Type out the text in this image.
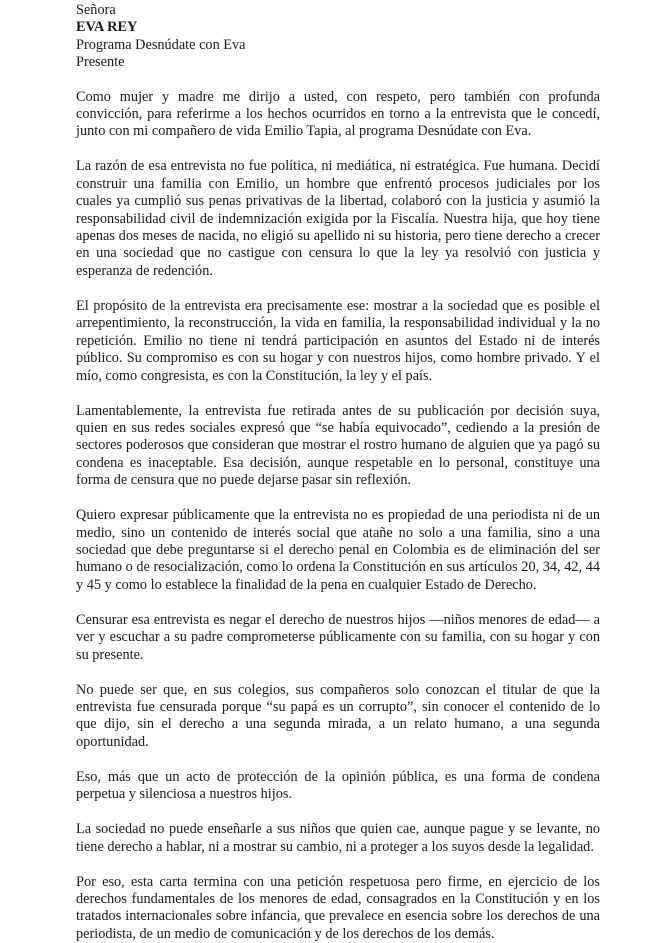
Señora
EVA REY
Programa Desnúdate con Eva
Presente

Como mujer y madre me dirijo a usted, con respeto, pero también con profunda convicción, para referirme a los hechos ocurridos en torno a la entrevista que le concedí, junto con mi compañero de vida Emilio Tapia, al programa Desnúdate con Eva.

La razón de esa entrevista no fue política, ni mediática, ni estratégica. Fue humana. Decidí construir una familia con Emilio, un hombre que enfrentó procesos judiciales por los cuales ya cumplió sus penas privativas de la libertad, colaboró con la justicia y asumió la responsabilidad civil de indemnización exigida por la Fiscalía. Nuestra hija, que hoy tiene apenas dos meses de nacida, no eligió su apellido ni su historia, pero tiene derecho a crecer en una sociedad que no castigue con censura lo que la ley ya resolvió con justicia y esperanza de redención.

El propósito de la entrevista era precisamente ese: mostrar a la sociedad que es posible el arrepentimiento, la reconstrucción, la vida en familia, la responsabilidad individual y la no repetición. Emilio no tiene ni tendrá participación en asuntos del Estado ni de interés público. Su compromiso es con su hogar y con nuestros hijos, como hombre privado. Y el mío, como congresista, es con la Constitución, la ley y el país.

Lamentablemente, la entrevista fue retirada antes de su publicación por decisión suya, quien en sus redes sociales expresó que “se había equivocado”, cediendo a la presión de sectores poderosos que consideran que mostrar el rostro humano de alguien que ya pagó su condena es inaceptable. Esa decisión, aunque respetable en lo personal, constituye una forma de censura que no puede dejarse pasar sin reflexión.

Quiero expresar públicamente que la entrevista no es propiedad de una periodista ni de un medio, sino un contenido de interés social que atañe no solo a una familia, sino a una sociedad que debe preguntarse si el derecho penal en Colombia es de eliminación del ser humano o de resocialización, como lo ordena la Constitución en sus artículos 20, 34, 42, 44 y 45 y como lo establece la finalidad de la pena en cualquier Estado de Derecho.

Censurar esa entrevista es negar el derecho de nuestros hijos —niños menores de edad— a ver y escuchar a su padre comprometerse públicamente con su familia, con su hogar y con su presente.

No puede ser que, en sus colegios, sus compañeros solo conozcan el titular de que la entrevista fue censurada porque “su papá es un corrupto”, sin conocer el contenido de lo que dijo, sin el derecho a una segunda mirada, a un relato humano, a una segunda oportunidad.

Eso, más que un acto de protección de la opinión pública, es una forma de condena perpetua y silenciosa a nuestros hijos.

La sociedad no puede enseñarle a sus niños que quien cae, aunque pague y se levante, no tiene derecho a hablar, ni a mostrar su cambio, ni a proteger a los suyos desde la legalidad.

Por eso, esta carta termina con una petición respetuosa pero firme, en ejercicio de los derechos fundamentales de los menores de edad, consagrados en la Constitución y en los tratados internacionales sobre infancia, que prevalece en esencia sobre los derechos de una periodista, de un medio de comunicación y de los derechos de los demás.
